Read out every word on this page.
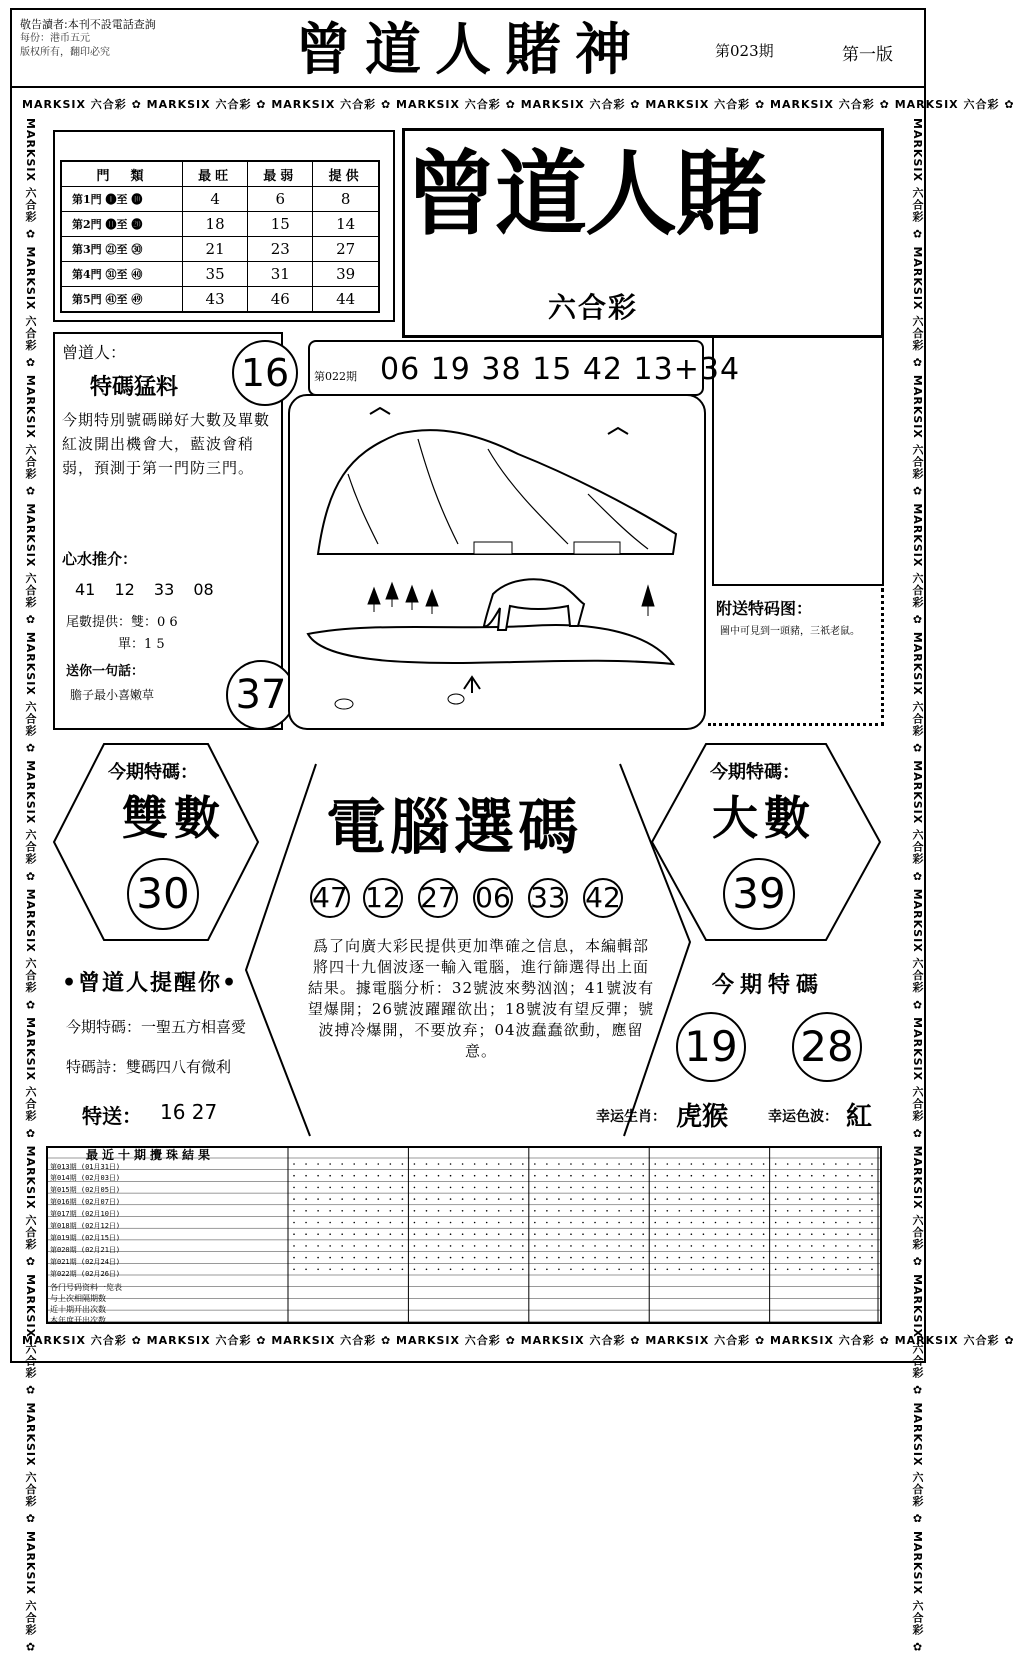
敬告讀者:本刊不設電話查詢
每份：港币五元
版权所有，翻印必究	曾道人賭神	第023期	第一版
MARKSIX 六合彩 ✿ MARKSIX 六合彩 ✿ MARKSIX 六合彩 ✿ MARKSIX 六合彩 ✿ MARKSIX 六合彩 ✿ MARKSIX 六合彩 ✿ MARKSIX 六合彩 ✿ MARKSIX 六合彩 ✿
MARKSIX 六合彩 ✿ MARKSIX 六合彩 ✿ MARKSIX 六合彩 ✿ MARKSIX 六合彩 ✿ MARKSIX 六合彩 ✿ MARKSIX 六合彩 ✿ MARKSIX 六合彩 ✿ MARKSIX 六合彩 ✿
MARKSIX 六合彩 ✿ MARKSIX 六合彩 ✿ MARKSIX 六合彩 ✿ MARKSIX 六合彩 ✿ MARKSIX 六合彩 ✿ MARKSIX 六合彩 ✿ MARKSIX 六合彩 ✿ MARKSIX 六合彩 ✿ MARKSIX 六合彩 ✿ MARKSIX 六合彩 ✿ MARKSIX 六合彩 ✿ MARKSIX 六合彩 ✿
MARKSIX 六合彩 ✿ MARKSIX 六合彩 ✿ MARKSIX 六合彩 ✿ MARKSIX 六合彩 ✿ MARKSIX 六合彩 ✿ MARKSIX 六合彩 ✿ MARKSIX 六合彩 ✿ MARKSIX 六合彩 ✿ MARKSIX 六合彩 ✿ MARKSIX 六合彩 ✿ MARKSIX 六合彩 ✿ MARKSIX 六合彩 ✿
門　類	最旺	最弱	提供
第1門 ❶至 ❿	4	6	8
第2門 ⓫至 ⓴	18	15	14
第3門 ㉑至 ㉚	21	23	27
第4門 ㉛至 ㊵	35	31	39
第5門 ㊶至 ㊾	43	46	44
曾道人賭
六合彩
附送特码图：
圖中可見到一頭豬，三祇老鼠。
曾道人：
特碼猛料
今期特別號碼睇好大數及單數紅波開出機會大，藍波會稍弱，預測于第一門防三門。
心水推介：
41 12 33 08
尾數提供：雙：0 6
單：1 5
送你一句話：
膽子最小喜嫩草
16
37
第022期 06 19 38 15 42 13+34
今期特碼：
雙數
30
今期特碼：
大數
39
電腦選碼
47 12 27 06 33 42
爲了向廣大彩民提供更加準確之信息，本編輯部將四十九個波逐一輸入電腦，進行篩選得出上面結果。據電腦分析：32號波來勢汹汹；41號波有望爆開；26號波躍躍欲出；18號波有望反彈；號波搏冷爆開，不要放弃；04波蠢蠢欲動，應留意。
•曾道人提醒你•
今期特碼：一聖五方相喜愛
特碼詩：雙碼四八有微利
特送： 16 27
今期特碼
19 28
幸运生肖： 虎猴	幸运色波： 紅
最近十期攪珠結果
第013期 (01月31日)
第014期 (02月03日)
第015期 (02月05日)
第016期 (02月07日)
第017期 (02月10日)
第018期 (02月12日)
第019期 (02月15日)
第020期 (02月21日)
第021期 (02月24日)
第022期 (02月26日)
各门号码资料一览表
与上次相隔期数
近十期开出次数
本年度开出次数
